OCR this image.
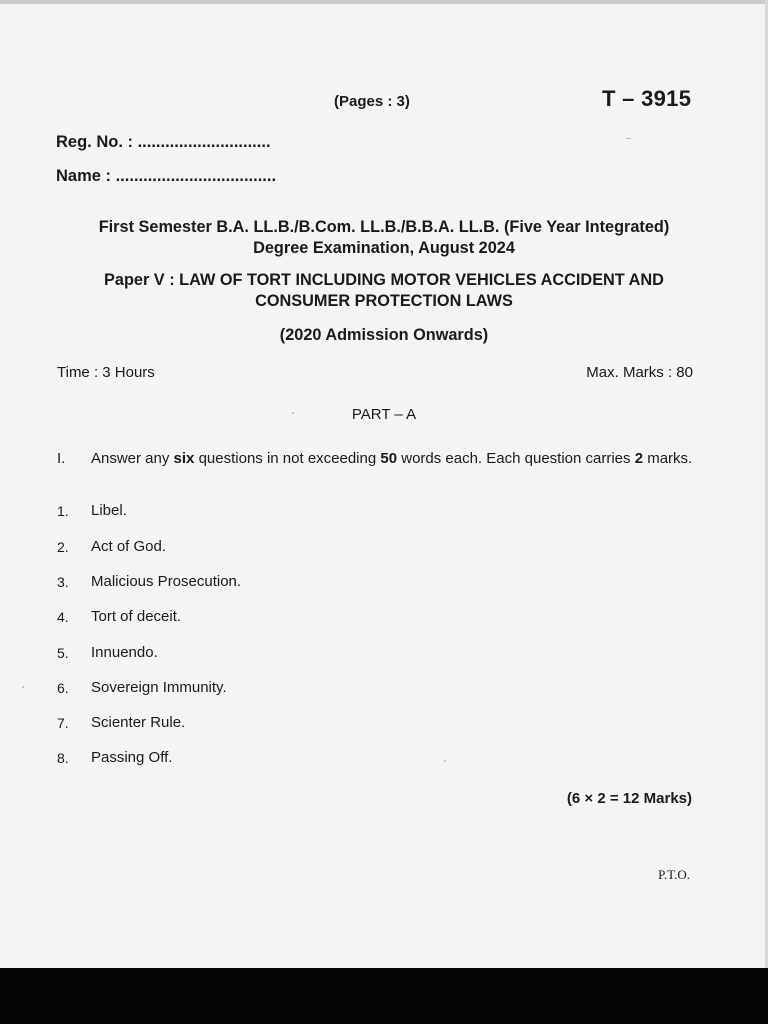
(Pages : 3)	T – 3915
Reg. No. : .............................
Name : ...................................
First Semester B.A. LL.B./B.Com. LL.B./B.B.A. LL.B. (Five Year Integrated)
Degree Examination, August 2024
Paper V : LAW OF TORT INCLUDING MOTOR VEHICLES ACCIDENT AND
CONSUMER PROTECTION LAWS
(2020 Admission Onwards)
Time : 3 Hours	Max. Marks : 80
PART – A
I. Answer any six questions in not exceeding 50 words each. Each question carries 2 marks.
1. Libel.
2. Act of God.
3. Malicious Prosecution.
4. Tort of deceit.
5. Innuendo.
6. Sovereign Immunity.
7. Scienter Rule.
8. Passing Off.
(6 × 2 = 12 Marks)
P.T.O.
